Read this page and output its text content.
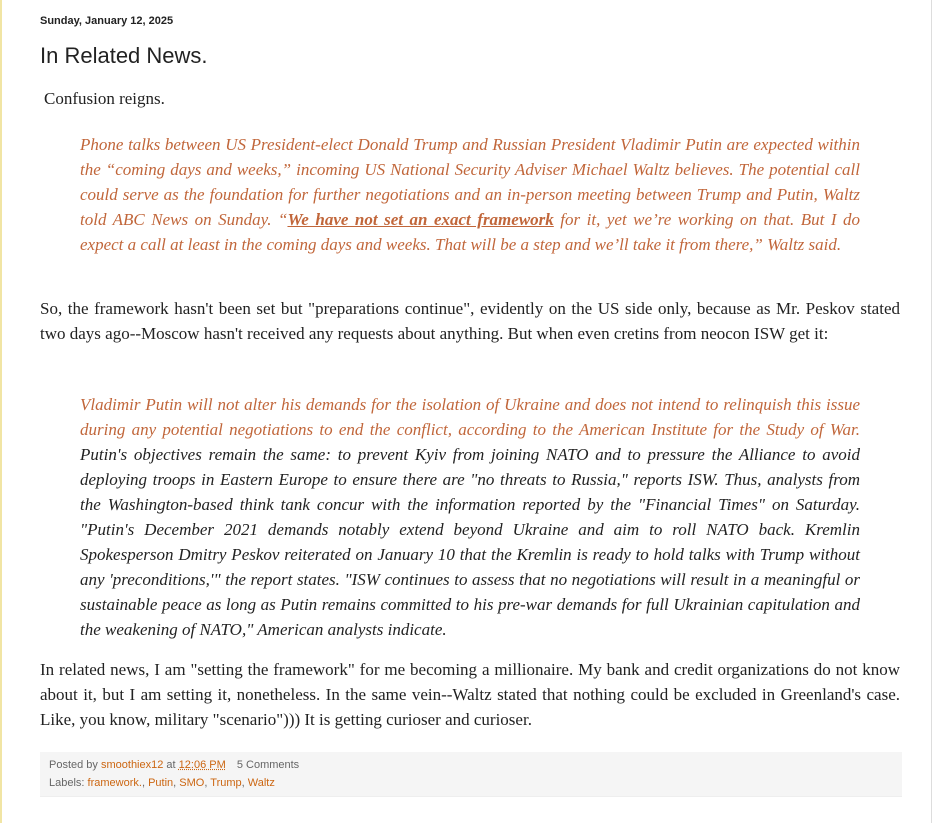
Sunday, January 12, 2025
In Related News.
Confusion reigns.

Phone talks between US President-elect Donald Trump and Russian President Vladimir Putin are expected within the “coming days and weeks,” incoming US National Security Adviser Michael Waltz believes. The potential call could serve as the foundation for further negotiations and an in-person meeting between Trump and Putin, Waltz told ABC News on Sunday. “We have not set an exact framework for it, yet we’re working on that. But I do expect a call at least in the coming days and weeks. That will be a step and we’ll take it from there,” Waltz said.

So, the framework hasn't been set but "preparations continue", evidently on the US side only, because as Mr. Peskov stated two days ago--Moscow hasn't received any requests about anything. But when even cretins from neocon ISW get it:

Vladimir Putin will not alter his demands for the isolation of Ukraine and does not intend to relinquish this issue during any potential negotiations to end the conflict, according to the American Institute for the Study of War. Putin's objectives remain the same: to prevent Kyiv from joining NATO and to pressure the Alliance to avoid deploying troops in Eastern Europe to ensure there are "no threats to Russia," reports ISW. Thus, analysts from the Washington-based think tank concur with the information reported by the "Financial Times" on Saturday. "Putin's December 2021 demands notably extend beyond Ukraine and aim to roll NATO back. Kremlin Spokesperson Dmitry Peskov reiterated on January 10 that the Kremlin is ready to hold talks with Trump without any 'preconditions,'" the report states. "ISW continues to assess that no negotiations will result in a meaningful or sustainable peace as long as Putin remains committed to his pre-war demands for full Ukrainian capitulation and the weakening of NATO," American analysts indicate.

In related news, I am "setting the framework" for me becoming a millionaire. My bank and credit organizations do not know about it, but I am setting it, nonetheless. In the same vein--Waltz stated that nothing could be excluded in Greenland's case. Like, you know, military "scenario"))) It is getting curioser and curioser.

Posted by smoothiex12 at 12:06 PM 5 Comments
Labels: framework., Putin, SMO, Trump, Waltz
